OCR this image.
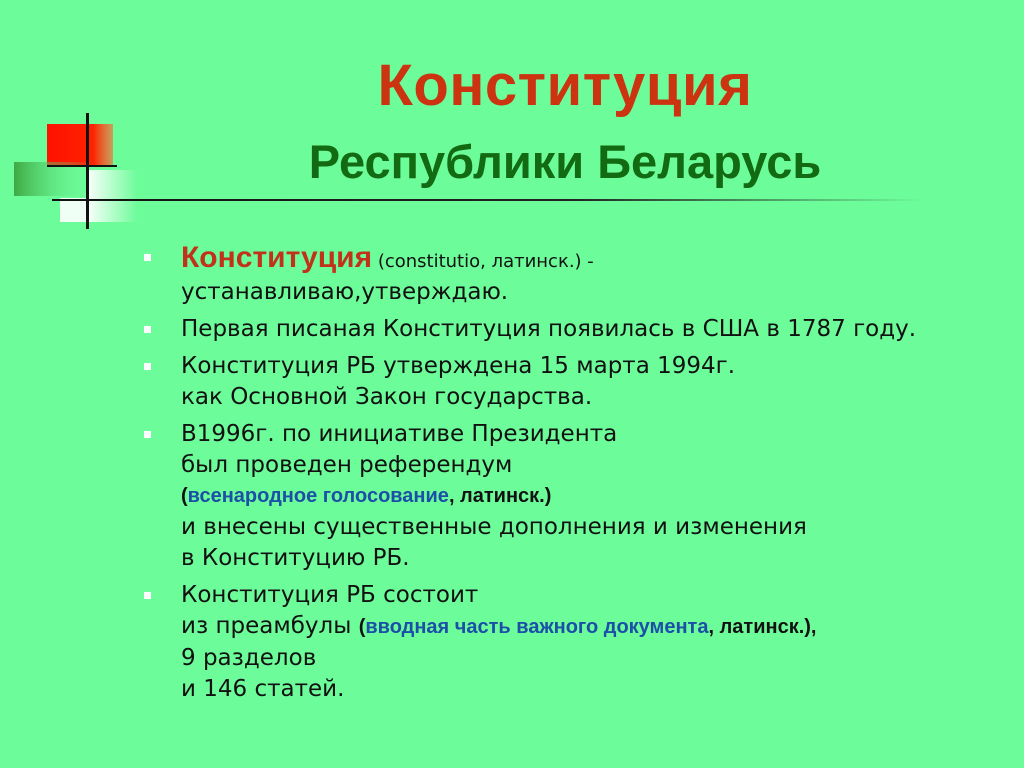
Конституция
Республики Беларусь
Конституция (constitutio, латинск.) -
устанавливаю,утверждаю.
Первая писаная Конституция появилась в США в 1787 году.
Конституция РБ утверждена 15 марта 1994г.
как Основной Закон государства.
В1996г. по инициативе Президента
был проведен референдум
(всенародное голосование, латинск.)
и внесены существенные дополнения и изменения
в Конституцию РБ.
Конституция РБ состоит
из преамбулы (вводная часть важного документа, латинск.),
9 разделов
и 146 статей.
